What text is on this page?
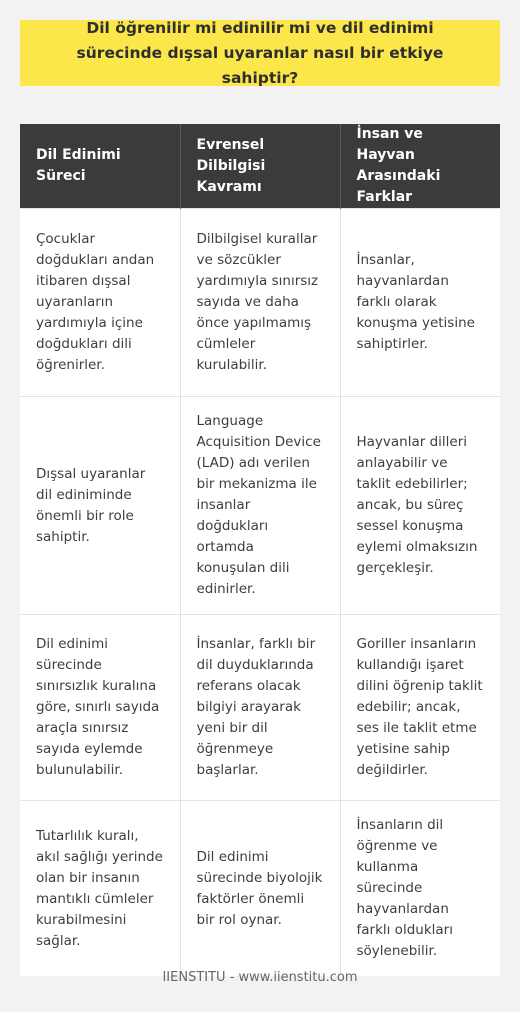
Dil öğrenilir mi edinilir mi ve dil edinimi sürecinde dışsal uyaranlar nasıl bir etkiye sahiptir?
Dil Edinimi Süreci	Evrensel Dilbilgisi Kavramı	İnsan ve Hayvan Arasındaki Farklar
Çocuklar doğdukları andan itibaren dışsal uyaranların yardımıyla içine doğdukları dili öğrenirler.	Dilbilgisel kurallar ve sözcükler yardımıyla sınırsız sayıda ve daha önce yapılmamış cümleler kurulabilir.	İnsanlar, hayvanlardan farklı olarak konuşma yetisine sahiptirler.
Dışsal uyaranlar dil ediniminde önemli bir role sahiptir.	Language Acquisition Device (LAD) adı verilen bir mekanizma ile insanlar doğdukları ortamda konuşulan dili edinirler.	Hayvanlar dilleri anlayabilir ve taklit edebilirler; ancak, bu süreç sessel konuşma eylemi olmaksızın gerçekleşir.
Dil edinimi sürecinde sınırsızlık kuralına göre, sınırlı sayıda araçla sınırsız sayıda eylemde bulunulabilir.	İnsanlar, farklı bir dil duyduklarında referans olacak bilgiyi arayarak yeni bir dil öğrenmeye başlarlar.	Goriller insanların kullandığı işaret dilini öğrenip taklit edebilir; ancak, ses ile taklit etme yetisine sahip değildirler.
Tutarlılık kuralı, akıl sağlığı yerinde olan bir insanın mantıklı cümleler kurabilmesini sağlar.	Dil edinimi sürecinde biyolojik faktörler önemli bir rol oynar.	İnsanların dil öğrenme ve kullanma sürecinde hayvanlardan farklı oldukları söylenebilir.
IIENSTITU - www.iienstitu.com
